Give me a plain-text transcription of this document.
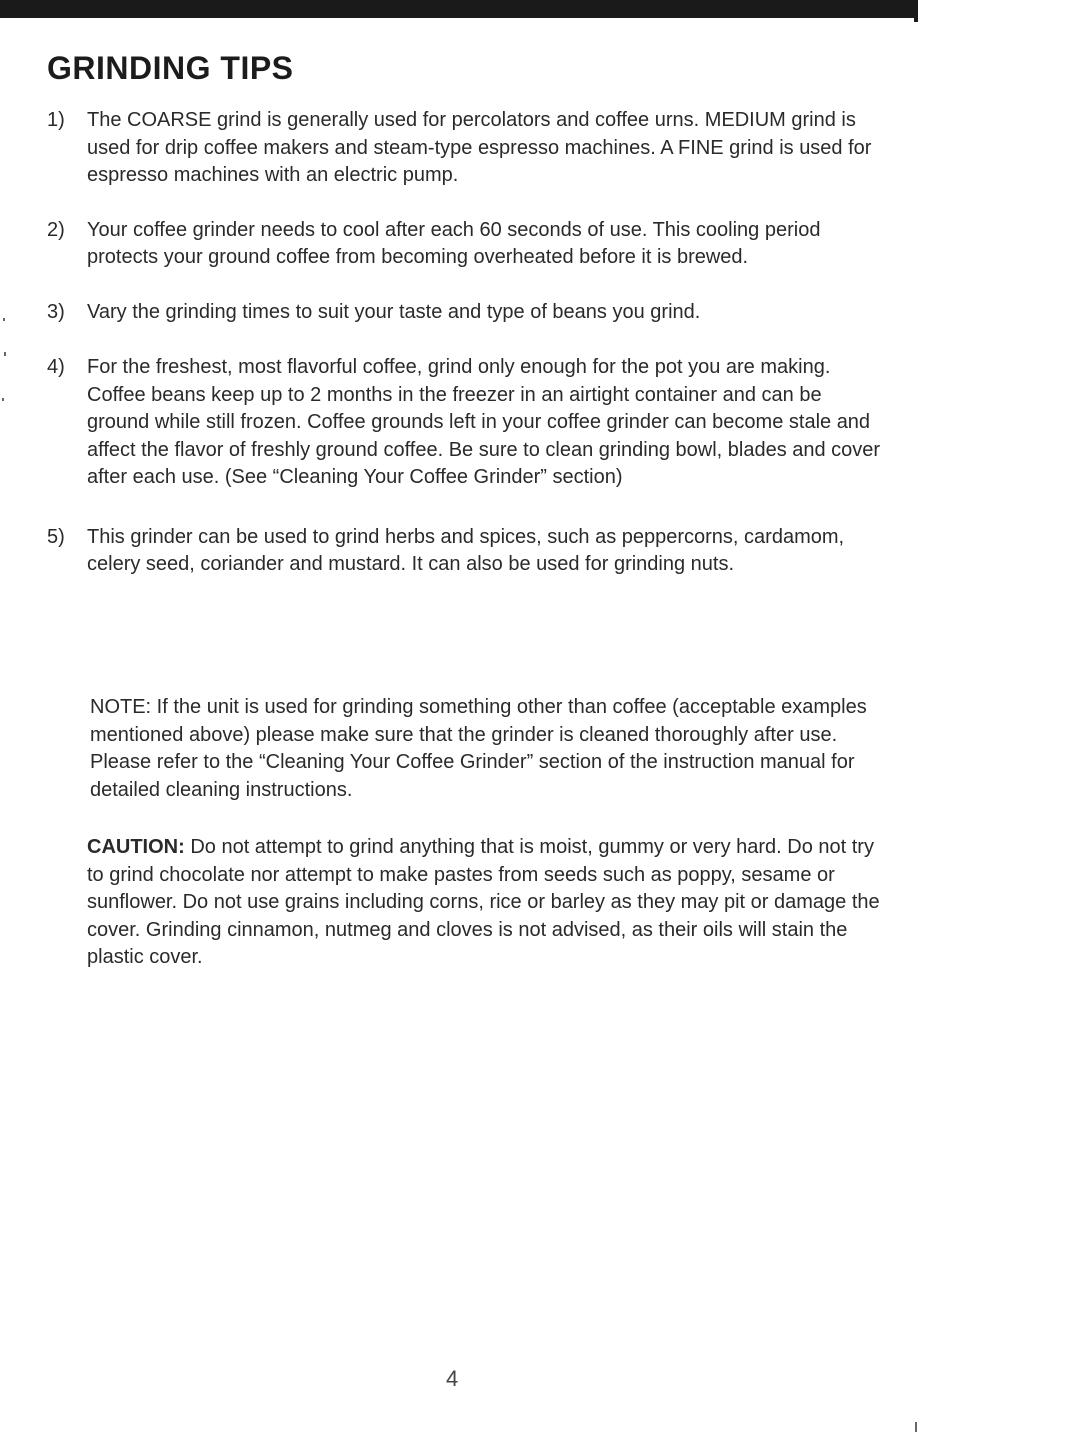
GRINDING TIPS
1)	The COARSE grind is generally used for percolators and coffee urns. MEDIUM grind is used for drip coffee makers and steam-type espresso machines. A FINE grind is used for espresso machines with an electric pump.

2)	Your coffee grinder needs to cool after each 60 seconds of use. This cooling period protects your ground coffee from becoming overheated before it is brewed.

3)	Vary the grinding times to suit your taste and type of beans you grind.

4)	For the freshest, most flavorful coffee, grind only enough for the pot you are making. Coffee beans keep up to 2 months in the freezer in an airtight container and can be ground while still frozen. Coffee grounds left in your coffee grinder can become stale and affect the flavor of freshly ground coffee. Be sure to clean grinding bowl, blades and cover after each use. (See “Cleaning Your Coffee Grinder” section)

5)	This grinder can be used to grind herbs and spices, such as peppercorns, cardamom, celery seed, coriander and mustard. It can also be used for grinding nuts.

NOTE: If the unit is used for grinding something other than coffee (acceptable examples mentioned above) please make sure that the grinder is cleaned thoroughly after use. Please refer to the “Cleaning Your Coffee Grinder” section of the instruction manual for detailed cleaning instructions.

CAUTION: Do not attempt to grind anything that is moist, gummy or very hard. Do not try to grind chocolate nor attempt to make pastes from seeds such as poppy, sesame or sunflower. Do not use grains including corns, rice or barley as they may pit or damage the cover. Grinding cinnamon, nutmeg and cloves is not advised, as their oils will stain the plastic cover.

4
